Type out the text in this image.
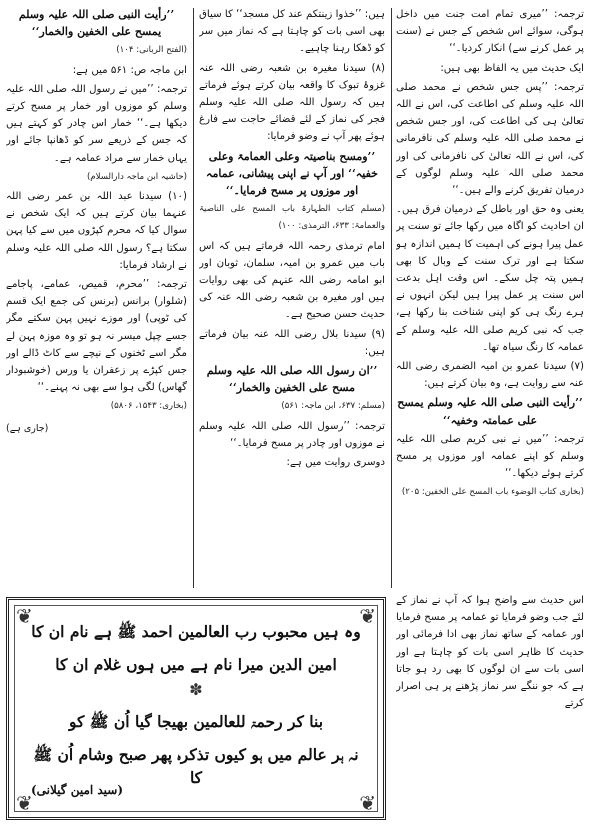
ترجمہ: ’’میری تمام امت جنت میں داخل ہوگی، سوائے اس شخص کے جس نے (سنت پر عمل کرنے سے) انکار کردیا۔‘‘

ایک حدیث میں یہ الفاظ بھی ہیں:

ترجمہ: ’’پس جس شخص نے محمد صلی اللہ علیہ وسلم کی اطاعت کی، اس نے اللہ تعالیٰ ہی کی اطاعت کی، اور جس شخص نے محمد صلی اللہ علیہ وسلم کی نافرمانی کی، اس نے اللہ تعالیٰ کی نافرمانی کی اور محمد صلی اللہ علیہ وسلم لوگوں کے درمیان تفریق کرنے والے ہیں۔‘‘

یعنی وہ حق اور باطل کے درمیان فرق ہیں۔ ان احادیث کو اگاہ میں رکھا جائے تو سنت پر عمل پیرا ہونے کی اہمیت کا ہمیں اندازہ ہو سکتا ہے اور ترک سنت کے وبال کا بھی ہمیں پتہ چل سکے۔ اس وقت اہل بدعت اس سنت پر عمل پیرا ہیں لیکن انہوں نے ہرے رنگ ہی کو اپنی شناخت بنا رکھا ہے، جب کہ نبی کریم صلی اللہ علیہ وسلم کے عمامہ کا رنگ سیاہ تھا۔

(۷) سیدنا عمرو بن امیہ الضمری رضی اللہ عنہ سے روایت ہے، وہ بیان کرتے ہیں:

’’رأیت النبی صلی اللہ علیہ وسلم یمسح علی عمامتہ وخفیہ‘‘

ترجمہ: ’’میں نے نبی کریم صلی اللہ علیہ وسلم کو اپنے عمامہ اور موزوں پر مسح کرتے ہوئے دیکھا۔‘‘

(بخاری کتاب الوضوء باب المسح علی الخفین: ۲۰۵)

ہیں: ’’خذوا زینتکم عند کل مسجد‘‘ کا سیاق بھی اسی بات کو چاہتا ہے کہ نماز میں سر کو ڈھکا رہنا چاہیے۔

(۸) سیدنا مغیرہ بن شعبہ رضی اللہ عنہ غزوۂ تبوک کا واقعہ بیان کرتے ہوئے فرماتے ہیں کہ رسول اللہ صلی اللہ علیہ وسلم فجر کی نماز کے لئے قضائے حاجت سے فارغ ہوئے پھر آپ نے وضو فرمایا:

’’ومسح بناصیتہ وعلی العمامۃ وعلی خفیہ‘‘ اور آپ نے اپنی پیشانی، عمامہ اور موزوں پر مسح فرمایا۔‘‘

(مسلم کتاب الطہارۃ باب المسح علی الناصیۃ والعمامۃ: ۶۳۳، الترمذی: ۱۰۰)

امام ترمذی رحمہ اللہ فرماتے ہیں کہ اس باب میں عمرو بن امیہ، سلمان، ثوبان اور ابو امامہ رضی اللہ عنہم کی بھی روایات ہیں اور مغیرہ بن شعبہ رضی اللہ عنہ کی حدیث حسن صحیح ہے۔

(۹) سیدنا بلال رضی اللہ عنہ بیان فرماتے ہیں:

’’ان رسول اللہ صلی اللہ علیہ وسلم مسح علی الخفین والخمار‘‘

(مسلم: ۶۳۷، ابن ماجہ: ۵۶۱)

ترجمہ: ’’رسول اللہ صلی اللہ علیہ وسلم نے موزوں اور چادر پر مسح فرمایا۔‘‘

دوسری روایت میں ہے:

’’رأیت النبی صلی اللہ علیہ وسلم یمسح علی الخفین والخمار‘‘

(الفتح الربانی: ۱۰۴)

ابن ماجہ ص: ۵۶۱ میں ہے:

ترجمہ: ’’میں نے رسول اللہ صلی اللہ علیہ وسلم کو موزوں اور خمار پر مسح کرتے دیکھا ہے۔‘‘ خمار اس چادر کو کہتے ہیں کہ جس کے ذریعے سر کو ڈھانپا جائے اور یہاں خمار سے مراد عمامہ ہے۔

(حاشیہ ابن ماجہ دارالسلام)

(۱۰) سیدنا عبد اللہ بن عمر رضی اللہ عنہما بیان کرتے ہیں کہ ایک شخص نے سوال کیا کہ محرم کپڑوں میں سے کیا پہن سکتا ہے؟ رسول اللہ صلی اللہ علیہ وسلم نے ارشاد فرمایا:

ترجمہ: ’’محرم، قمیص، عمامے، پاجامے (شلوار) برانس (برنس کی جمع ایک قسم کی ٹوپی) اور موزے نہیں پہن سکتے مگر جسے چپل میسر نہ ہو تو وہ موزہ پہن لے مگر اسے ٹخنوں کے نیچے سے کاٹ ڈالے اور جس کپڑے پر زعفران یا ورس (خوشبودار گھاس) لگی ہوا سے بھی نہ پہنے۔‘‘

(بخاری: ۱۵۴۳، ۵۸۰۶)

(جاری ہے)

اس حدیث سے واضح ہوا کہ آپ نے نماز کے لئے جب وضو فرمایا تو عمامہ پر مسح فرمایا اور عمامہ کے ساتھ نماز بھی ادا فرمائی اور حدیث کا ظاہر اسی بات کو چاہتا ہے اور اسی بات سے ان لوگوں کا بھی رد ہو جاتا ہے کہ جو ننگے سر نماز پڑھنے پر ہی اصرار کرتے

❦	❦
❦	❦
✽
وہ ہیں محبوب رب العالمین احمد ﷺ ہے نام ان کا
امین الدین میرا نام ہے میں ہوں غلام ان کا
بنا کر رحمۃ للعالمین بھیجا گیا اُن ﷺ کو
نہ ہر عالم میں ہو کیوں تذکرہ پھر صبح وشام اُن ﷺ کا
(سید امین گیلانی)
